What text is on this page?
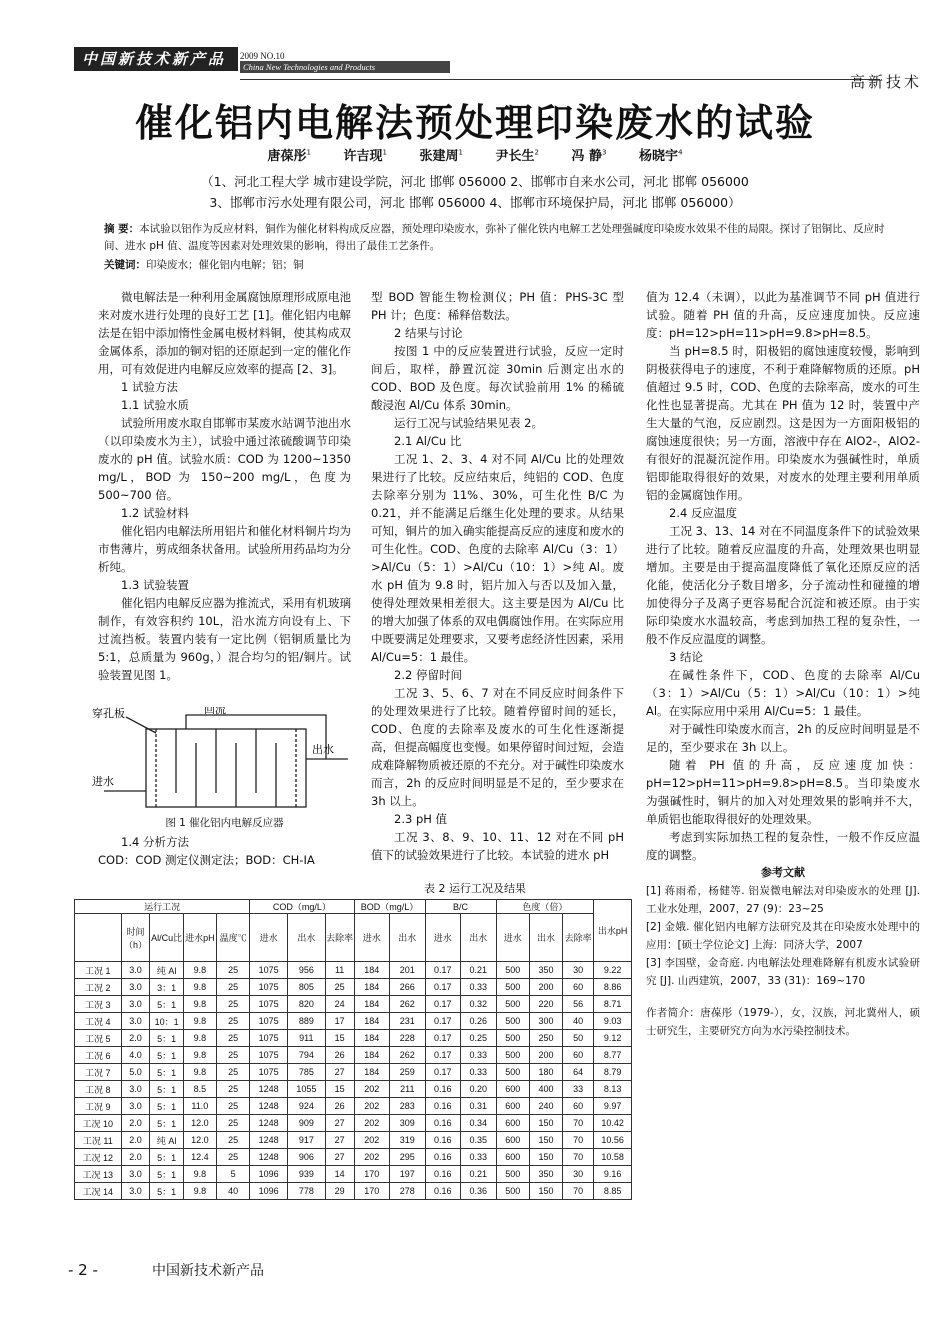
中国新技术新产品	2009 NO.10
China New Technologies and Products
高新技术
催化铝内电解法预处理印染废水的试验
唐葆彤$^1$	许吉现$^1$	张建周$^1$	尹长生$^2$	冯 静$^3$	杨晓宇$^4$
（1、河北工程大学 城市建设学院，河北 邯郸 056000 2、邯郸市自来水公司，河北 邯郸 056000
3、邯郸市污水处理有限公司，河北 邯郸 056000 4、邯郸市环境保护局，河北 邯郸 056000）
摘 要：本试验以铝作为反应材料，铜作为催化材料构成反应器，预处理印染废水，弥补了催化铁内电解工艺处理强碱度印染废水效果不佳的局限。探讨了铝铜比、反应时间、进水 pH 值、温度等因素对处理效果的影响，得出了最佳工艺条件。
关键词：印染废水；催化铝内电解；铝；铜

微电解法是一种利用金属腐蚀原理形成原电池来对废水进行处理的良好工艺 [1]。催化铝内电解法是在铝中添加惰性金属电极材料铜，使其构成双金属体系，添加的铜对铝的还原起到一定的催化作用，可有效促进内电解反应效率的提高 [2、3]。

1 试验方法

1.1 试验水质

试验所用废水取自邯郸市某废水站调节池出水（以印染废水为主），试验中通过浓硫酸调节印染废水的 pH 值。试验水质：COD 为 1200~1350 mg/L，BOD 为 150~200 mg/L，色度为 500~700 倍。

1.2 试验材料

催化铝内电解法所用铝片和催化材料铜片均为市售薄片，剪成细条状备用。试验所用药品均为分析纯。

1.3 试验装置

催化铝内电解反应器为推流式，采用有机玻璃制作，有效容积约 10L，沿水流方向设有上、下过流挡板。装置内装有一定比例（铝铜质量比为 5:1，总质量为 960g，）混合均匀的铝/铜片。试验装置见图 1。

穿孔板	回流
出水
进水
图 1 催化铝内电解反应器

1.4 分析方法

COD：COD 测定仪测定法；BOD：CH-IA

型 BOD 智能生物检测仪；PH 值：PHS-3C 型 PH 计；色度：稀释倍数法。

2 结果与讨论

按图 1 中的反应装置进行试验，反应一定时间后，取样，静置沉淀 30min 后测定出水的 COD、BOD 及色度。每次试验前用 1% 的稀硫酸浸泡 Al/Cu 体系 30min。

运行工况与试验结果见表 2。

2.1 Al/Cu 比

工况 1、2、3、4 对不同 Al/Cu 比的处理效果进行了比较。反应结束后，纯铝的 COD、色度去除率分别为 11%、30%，可生化性 B/C 为 0.21，并不能满足后继生化处理的要求。从结果可知，铜片的加入确实能提高反应的速度和废水的可生化性。COD、色度的去除率 Al/Cu（3：1）>Al/Cu（5：1）>Al/Cu（10：1）>纯 Al。废水 pH 值为 9.8 时，铝片加入与否以及加入量，使得处理效果相差很大。这主要是因为 Al/Cu 比的增大加强了体系的双电偶腐蚀作用。在实际应用中既要满足处理要求，又要考虑经济性因素，采用 Al/Cu=5：1 最佳。

2.2 停留时间

工况 3、5、6、7 对在不同反应时间条件下的处理效果进行了比较。随着停留时间的延长，COD、色度的去除率及废水的可生化性逐渐提高，但提高幅度也变慢。如果停留时间过短，会造成难降解物质被还原的不充分。对于碱性印染废水而言，2h 的反应时间明显是不足的，至少要求在 3h 以上。

2.3 pH 值

工况 3、8、9、10、11、12 对在不同 pH 值下的试验效果进行了比较。本试验的进水 pH

值为 12.4（未调），以此为基准调节不同 pH 值进行试验。随着 PH 值的升高，反应速度加快。反应速度：pH=12>pH=11>pH=9.8>pH=8.5。

当 pH=8.5 时，阳极铝的腐蚀速度较慢，影响到阴极获得电子的速度，不利于难降解物质的还原。pH 值超过 9.5 时，COD、色度的去除率高，废水的可生化性也显著提高。尤其在 PH 值为 12 时，装置中产生大量的气泡，反应剧烈。这是因为一方面阳极铝的腐蚀速度很快；另一方面，溶液中存在 AlO2-，AlO2-有很好的混凝沉淀作用。印染废水为强碱性时，单质铝即能取得很好的效果，对废水的处理主要利用单质铝的金属腐蚀作用。

2.4 反应温度

工况 3、13、14 对在不同温度条件下的试验效果进行了比较。随着反应温度的升高，处理效果也明显增加。主要是由于提高温度降低了氧化还原反应的活化能，使活化分子数目增多，分子流动性和碰撞的增加使得分子及离子更容易配合沉淀和被还原。由于实际印染废水水温较高，考虑到加热工程的复杂性，一般不作反应温度的调整。

3 结论

在碱性条件下，COD、色度的去除率 Al/Cu（3：1）>Al/Cu（5：1）>Al/Cu（10：1）>纯 Al。在实际应用中采用 Al/Cu=5：1 最佳。

对于碱性印染废水而言，2h 的反应时间明显是不足的，至少要求在 3h 以上。

随着 PH 值的升高，反应速度加快：pH=12>pH=11>pH=9.8>pH=8.5。当印染废水为强碱性时，铜片的加入对处理效果的影响并不大，单质铝也能取得很好的处理效果。

考虑到实际加热工程的复杂性，一般不作反应温度的调整。

参考文献

[1] 蒋雨希，杨健等. 铝炭微电解法对印染废水的处理 [J]. 工业水处理，2007，27 (9)：23~25

[2] 金娥. 催化铝内电解方法研究及其在印染废水处理中的应用：[硕士学位论文] 上海：同济大学，2007

[3] 李国壁，金奇庭. 内电解法处理难降解有机废水试验研究 [J]. 山西建筑，2007，33 (31)：169~170

作者简介：唐葆彤（1979-），女，汉族，河北冀州人，硕士研究生，主要研究方向为水污染控制技术。

表 2 运行工况及结果
运行工况					COD（mg/L）			BOD（mg/L）		B/C		色度（倍）			出水pH
	时间（h）	Al/Cu比	进水pH	温度℃	进水	出水	去除率	进水	出水	进水	出水	进水	出水	去除率	
工况 1	3.0	纯 Al	9.8	25	1075	956	11	184	201	0.17	0.21	500	350	30	9.22
工况 2	3.0	3：1	9.8	25	1075	805	25	184	266	0.17	0.33	500	200	60	8.86
工况 3	3.0	5：1	9.8	25	1075	820	24	184	262	0.17	0.32	500	220	56	8.71
工况 4	3.0	10：1	9.8	25	1075	889	17	184	231	0.17	0.26	500	300	40	9.03
工况 5	2.0	5：1	9.8	25	1075	911	15	184	228	0.17	0.25	500	250	50	9.12
工况 6	4.0	5：1	9.8	25	1075	794	26	184	262	0.17	0.33	500	200	60	8.77
工况 7	5.0	5：1	9.8	25	1075	785	27	184	259	0.17	0.33	500	180	64	8.79
工况 8	3.0	5：1	8.5	25	1248	1055	15	202	211	0.16	0.20	600	400	33	8.13
工况 9	3.0	5：1	11.0	25	1248	924	26	202	283	0.16	0.31	600	240	60	9.97
工况 10	2.0	5：1	12.0	25	1248	909	27	202	309	0.16	0.34	600	150	70	10.42
工况 11	2.0	纯 Al	12.0	25	1248	917	27	202	319	0.16	0.35	600	150	70	10.56
工况 12	2.0	5：1	12.4	25	1248	906	27	202	295	0.16	0.33	600	150	70	10.58
工况 13	3.0	5：1	9.8	5	1096	939	14	170	197	0.16	0.21	500	350	30	9.16
工况 14	3.0	5：1	9.8	40	1096	778	29	170	278	0.16	0.36	500	150	70	8.85
- 2 -	中国新技术新产品
